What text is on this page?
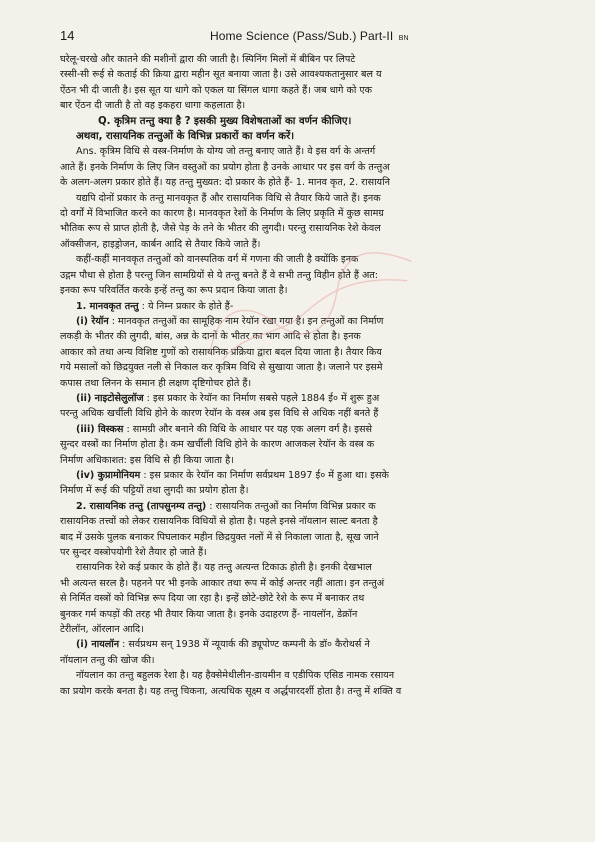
14	Home Science (Pass/Sub.) Part-II BN
घरेलू-चरखे और कातने की मशीनों द्वारा की जाती है। स्पिनिंग मिलों में बीबिन पर लिपटे
रस्सी-सी रूई से कताई की क्रिया द्वारा महीन सूत बनाया जाता है। उसे आवश्यकतानुसार बल य
ऐंठन भी दी जाती है। इस सूत या धागे को एकल या सिंगल धागा कहते हैं। जब धागे को एक
बार ऐंठन दी जाती है तो वह इकहरा धागा कहलाता है।
Q. कृत्रिम तन्तु क्या है ? इसकी मुख्य विशेषताओं का वर्णन कीजिए।
अथवा, रासायनिक तन्तुओं के विभिन्न प्रकारों का वर्णन करें।
Ans. कृत्रिम विधि से वस्त्र-निर्माण के योग्य जो तन्तु बनाए जाते हैं। वे इस वर्ग के अन्तर्ग
आते हैं। इनके निर्माण के लिए जिन वस्तुओं का प्रयोग होता है उनके आधार पर इस वर्ग के तन्तुअ
के अलग-अलग प्रकार होते हैं। यह तन्तु मुख्यत: दो प्रकार के होते हैं- 1. मानव कृत, 2. रासायनि
यद्यपि दोनों प्रकार के तन्तु मानवकृत हैं और रासायनिक विधि से तैयार किये जाते हैं। इनक
दो वर्गों में विभाजित करने का कारण है। मानवकृत रेशों के निर्माण के लिए प्रकृति में कुछ सामग्र
भौतिक रूप से प्राप्त होती है, जैसे पेड़ के तने के भीतर की लुगदी। परन्तु रासायनिक रेशे केवल
ऑक्सीजन, हाइड्रोजन, कार्बन आदि से तैयार किये जाते हैं।
कहीं-कहीं मानवकृत तन्तुओं को वानस्पतिक वर्ग में गणना की जाती है क्योंकि इनक
उद्गम पौधा से होता है परन्तु जिन सामग्रियों से ये तन्तु बनते हैं वे सभी तन्तु विहीन होते हैं अत:
इनका रूप परिवर्तित करके इन्हें तन्तु का रूप प्रदान किया जाता है।
1. मानवकृत तन्तु : ये निम्न प्रकार के होते हैं-
(i) रेयॉन : मानवकृत तन्तुओं का सामूहिक नाम रेयॉन रखा गया है। इन तन्तुओं का निर्माण
लकड़ी के भीतर की लुगदी, बांस, अन्न के दानों के भीतर का भाग आदि से होता है। इनक
आकार को तथा अन्य विशिष्ट गुणों को रासायनिक प्रक्रिया द्वारा बदल दिया जाता है। तैयार किय
गये मसालों को छिद्रयुक्त नली से निकाल कर कृत्रिम विधि से सुखाया जाता है। जलाने पर इसमे
कपास तथा लिनन के समान ही लक्षण दृष्टिगोचर होते हैं।
(ii) नाइटोसेलुलॉज : इस प्रकार के रेयॉन का निर्माण सबसे पहले 1884 ई० में शुरू हुअ
परन्तु अधिक खर्चीली विधि होने के कारण रेयॉन के वस्त्र अब इस विधि से अधिक नहीं बनते हैं
(iii) विस्कस : सामग्री और बनाने की विधि के आधार पर यह एक अलग वर्ग है। इससे
सुन्दर वस्त्रों का निर्माण होता है। कम खर्चीली विधि होने के कारण आजकल रेयॉन के वस्त्र क
निर्माण अधिकाशत: इस विधि से ही किया जाता है।
(iv) कुप्रामोनियम : इस प्रकार के रेयॉन का निर्माण सर्वप्रथम 1897 ई० में हुआ था। इसके
निर्माण में रूई की पट्टियों तथा लुगदी का प्रयोग होता है।
2. रासायनिक तन्तु (तापसुनम्य तन्तु) : रासायनिक तन्तुओं का निर्माण विभिन्न प्रकार क
रासायनिक तत्त्वों को लेकर रासायनिक विधियों से होता है। पहले इनसे नॉयलान साल्ट बनता है
बाद में उसके पुलक बनाकर पिघलाकर महीन छिद्रयुक्त नलों में से निकाला जाता है, सूख जाने
पर सुन्दर वस्त्रोपयोगी रेशे तैयार हो जाते हैं।
रासायनिक रेशे कई प्रकार के होते हैं। यह तन्तु अत्यन्त टिकाऊ होती है। इनकी देखभाल
भी अत्यन्त सरल है। पहनने पर भी इनके आकार तथा रूप में कोई अन्तर नहीं आता। इन तन्तुअं
से निर्मित वस्त्रों को विभिन्न रूप दिया जा रहा है। इन्हें छोटे-छोटे रेशे के रूप में बनाकर तथ
बुनकर गर्म कपड़ों की तरह भी तैयार किया जाता है। इनके उदाहरण हैं- नायलॉन, डेक्रॉन
टेरीलॉन, ऑरलान आदि।
(i) नायलॉन : सर्वप्रथम सन् 1938 में न्यूयार्क की ड्यूपोण्ट कम्पनी के डॉ० कैरोथर्स ने
नॉयलान तन्तु की खोज की।
नॉयलान का तन्तु बहुलक रेशा है। यह हैक्सेमेथीलीन-डायमीन व एडीपिक एसिड नामक रसायन
का प्रयोग करके बनता है। यह तन्तु चिकना, अत्यधिक सूक्ष्म व अर्द्धपारदर्शी होता है। तन्तु में शक्ति व
